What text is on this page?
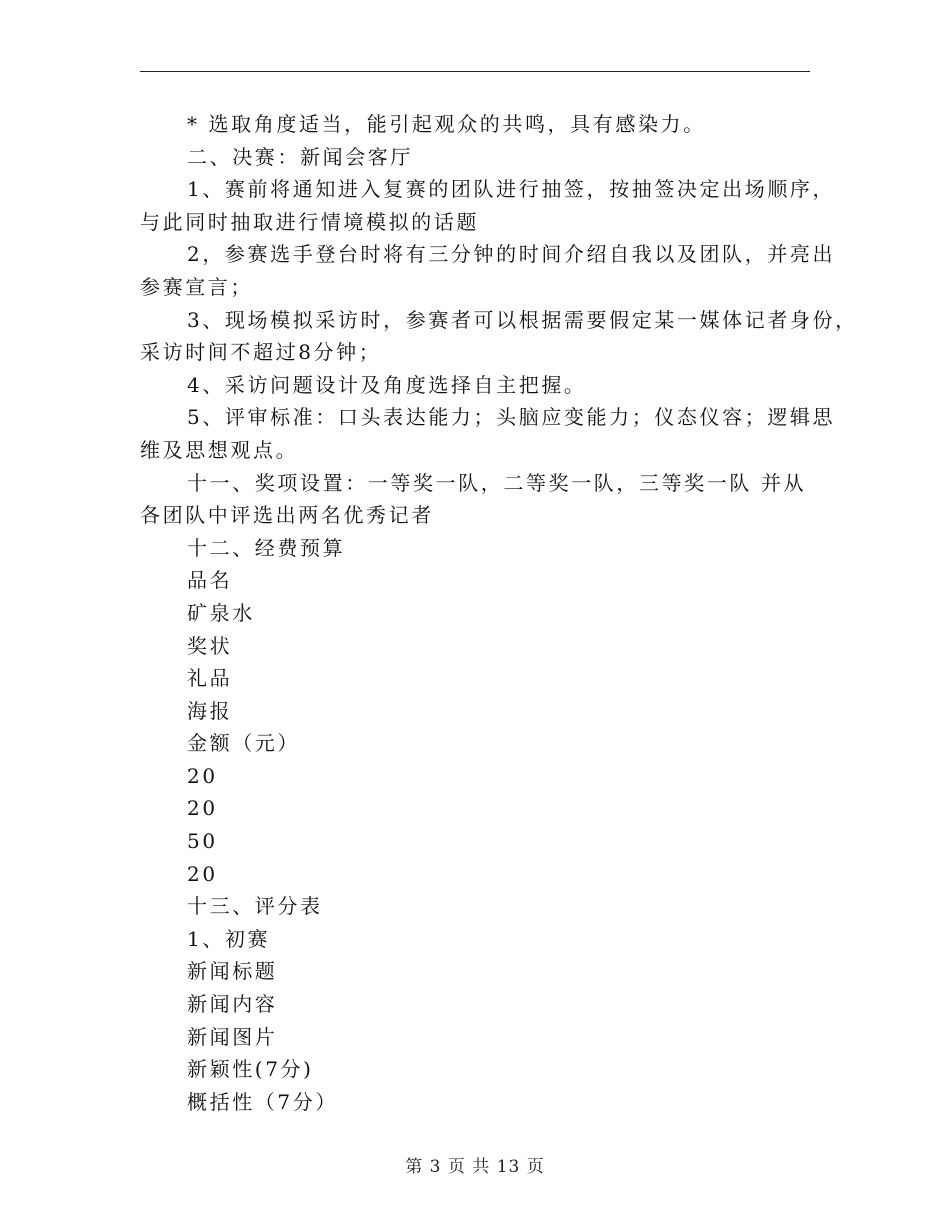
* 选取角度适当，能引起观众的共鸣，具有感染力。
二、决赛：新闻会客厅
1、赛前将通知进入复赛的团队进行抽签，按抽签决定出场顺序，
与此同时抽取进行情境模拟的话题
2，参赛选手登台时将有三分钟的时间介绍自我以及团队，并亮出
参赛宣言；
3、现场模拟采访时，参赛者可以根据需要假定某一媒体记者身份，
采访时间不超过8分钟；
4、采访问题设计及角度选择自主把握。
5、评审标准：口头表达能力；头脑应变能力；仪态仪容；逻辑思
维及思想观点。
十一、奖项设置：一等奖一队，二等奖一队，三等奖一队 并从
各团队中评选出两名优秀记者
十二、经费预算
品名
矿泉水
奖状
礼品
海报
金额（元）
20
20
50
20
十三、评分表
1、初赛
新闻标题
新闻内容
新闻图片
新颖性(7分)
概括性（7分）
第 3 页 共 13 页
